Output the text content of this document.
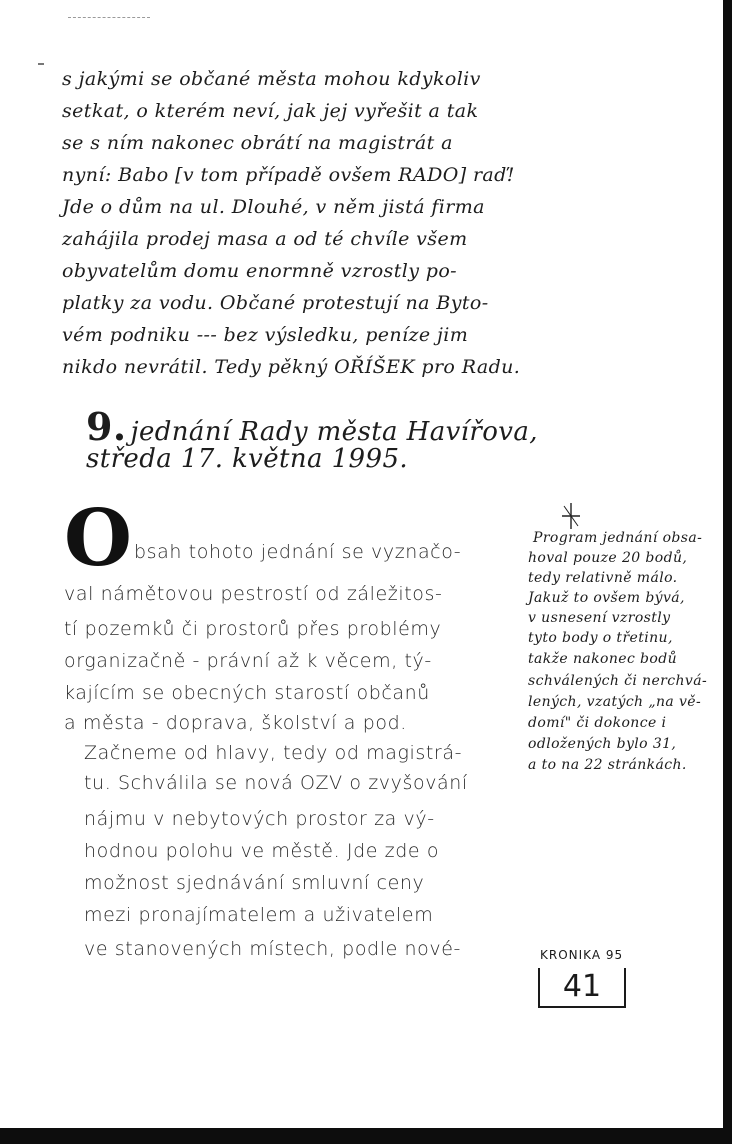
s jakými se občané města mohou kdykoliv
setkat, o kterém neví, jak jej vyřešit a tak
se s ním nakonec obrátí na magistrát a
nyní: Babo [v tom případě ovšem RADO] raď!
Jde o dům na ul. Dlouhé, v něm jistá firma
zahájila prodej masa a od té chvíle všem
obyvatelům domu enormně vzrostly po-
platky za vodu. Občané protestují na Byto-
vém podniku --- bez výsledku, peníze jim
nikdo nevrátil. Tedy pěkný OŘÍŠEK pro Radu.
9. jednání Rady města Havířova,
středa 17. května 1995.
O bsah tohoto jednání se vyznačo-
val námětovou pestrostí od záležitos-
tí pozemků či prostorů přes problémy
organizačně - právní až k věcem, tý-
kajícím se obecných starostí občanů
a města - doprava, školství a pod.
Začneme od hlavy, tedy od magistrá-
tu. Schválila se nová OZV o zvyšování
nájmu v nebytových prostor za vý-
hodnou polohu ve městě. Jde zde o
možnost sjednávání smluvní ceny
mezi pronajímatelem a uživatelem
ve stanovených místech, podle nové-
Program jednání obsa-
hoval pouze 20 bodů,
tedy relativně málo.
Jakuž to ovšem bývá,
v usnesení vzrostly
tyto body o třetinu,
takže nakonec bodů
schválených či nerchvá-
lených, vzatých „na vě-
domí" či dokonce i
odložených bylo 31,
a to na 22 stránkách.
KRONIKA 95
41
